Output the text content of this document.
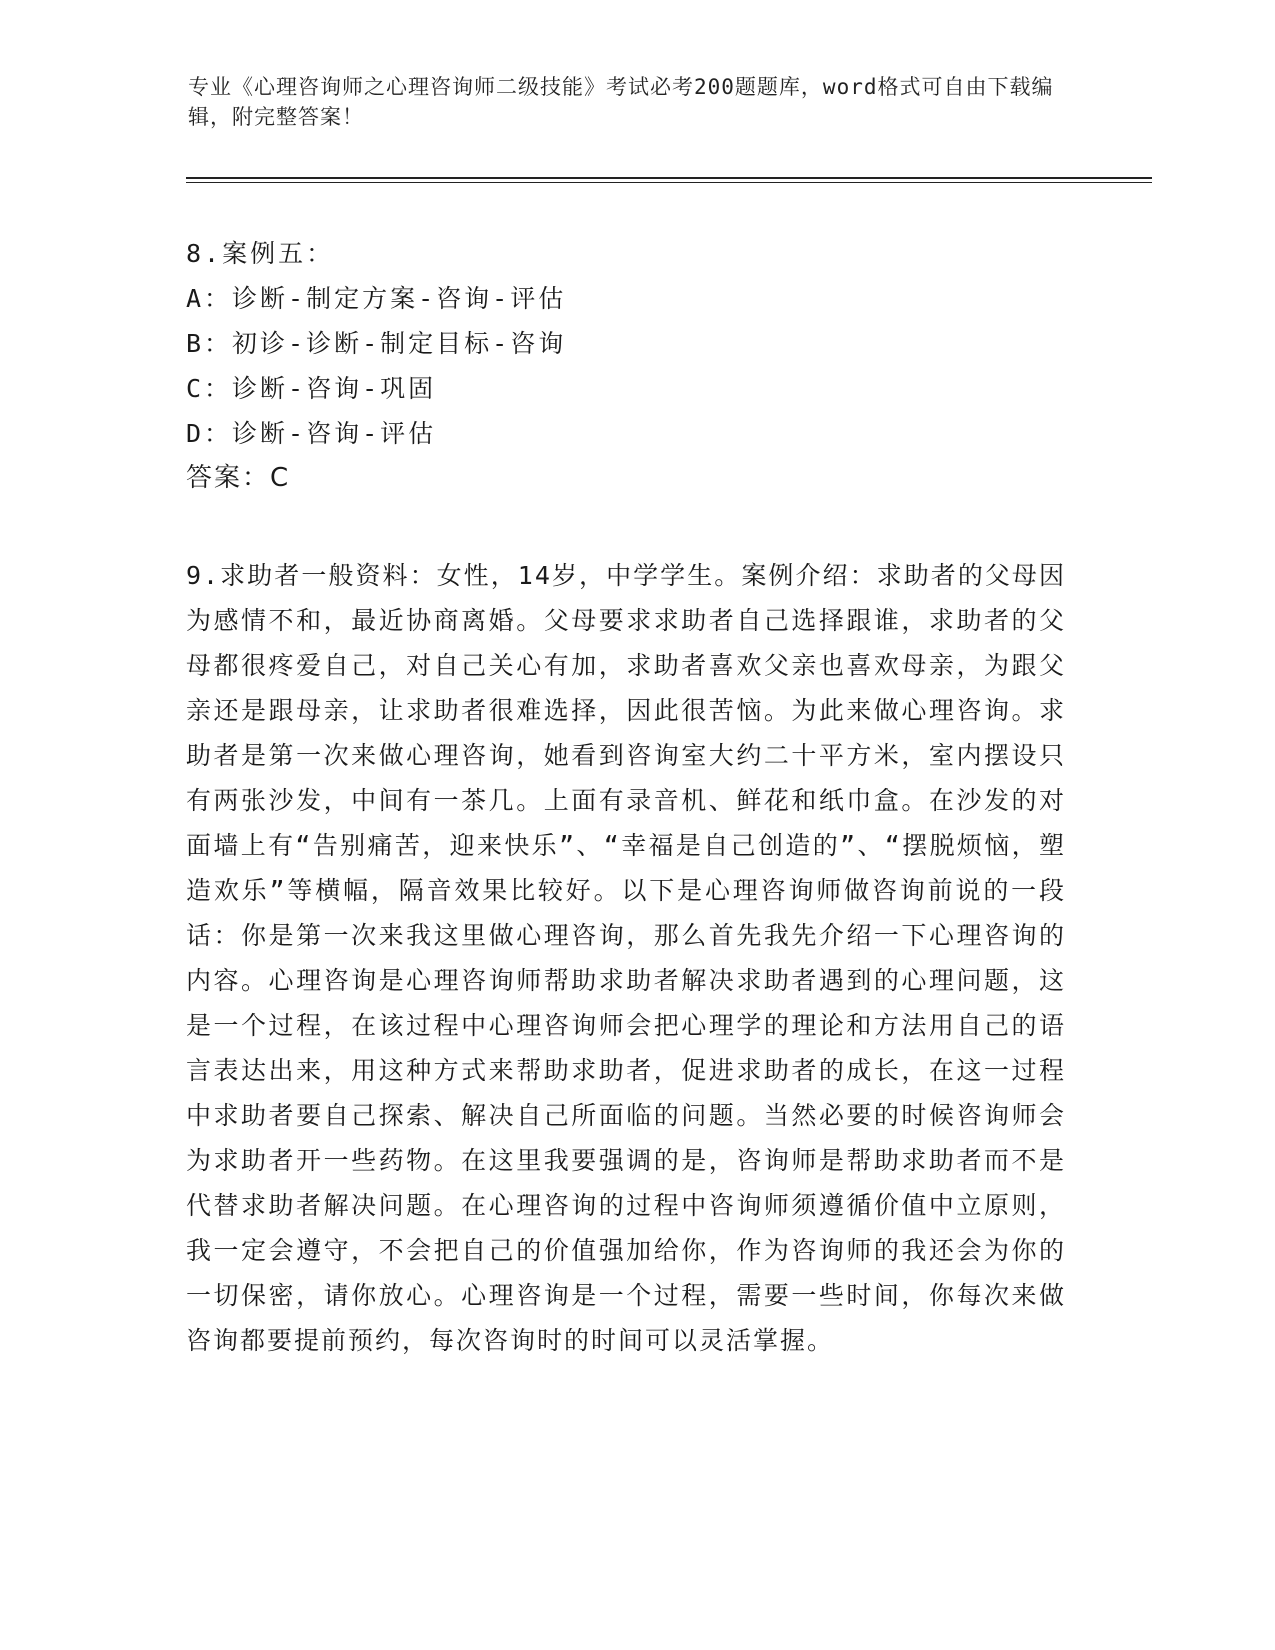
专业《心理咨询师之心理咨询师二级技能》考试必考200题题库，word格式可自由下载编辑，附完整答案！
8.案例五：
A：诊断-制定方案-咨询-评估
B：初诊-诊断-制定目标-咨询
C：诊断-咨询-巩固
D：诊断-咨询-评估
答案：C
9.求助者一般资料：女性，14岁，中学学生。案例介绍：求助者的父母因为感情不和，最近协商离婚。父母要求求助者自己选择跟谁，求助者的父母都很疼爱自己，对自己关心有加，求助者喜欢父亲也喜欢母亲，为跟父亲还是跟母亲，让求助者很难选择，因此很苦恼。为此来做心理咨询。求助者是第一次来做心理咨询，她看到咨询室大约二十平方米，室内摆设只有两张沙发，中间有一茶几。上面有录音机、鲜花和纸巾盒。在沙发的对面墙上有“告别痛苦，迎来快乐”、“幸福是自己创造的”、“摆脱烦恼，塑造欢乐”等横幅，隔音效果比较好。以下是心理咨询师做咨询前说的一段话：你是第一次来我这里做心理咨询，那么首先我先介绍一下心理咨询的内容。心理咨询是心理咨询师帮助求助者解决求助者遇到的心理问题，这是一个过程，在该过程中心理咨询师会把心理学的理论和方法用自己的语言表达出来，用这种方式来帮助求助者，促进求助者的成长，在这一过程中求助者要自己探索、解决自己所面临的问题。当然必要的时候咨询师会为求助者开一些药物。在这里我要强调的是，咨询师是帮助求助者而不是代替求助者解决问题。在心理咨询的过程中咨询师须遵循价值中立原则，我一定会遵守，不会把自己的价值强加给你，作为咨询师的我还会为你的一切保密，请你放心。心理咨询是一个过程，需要一些时间，你每次来做咨询都要提前预约，每次咨询时的时间可以灵活掌握。
